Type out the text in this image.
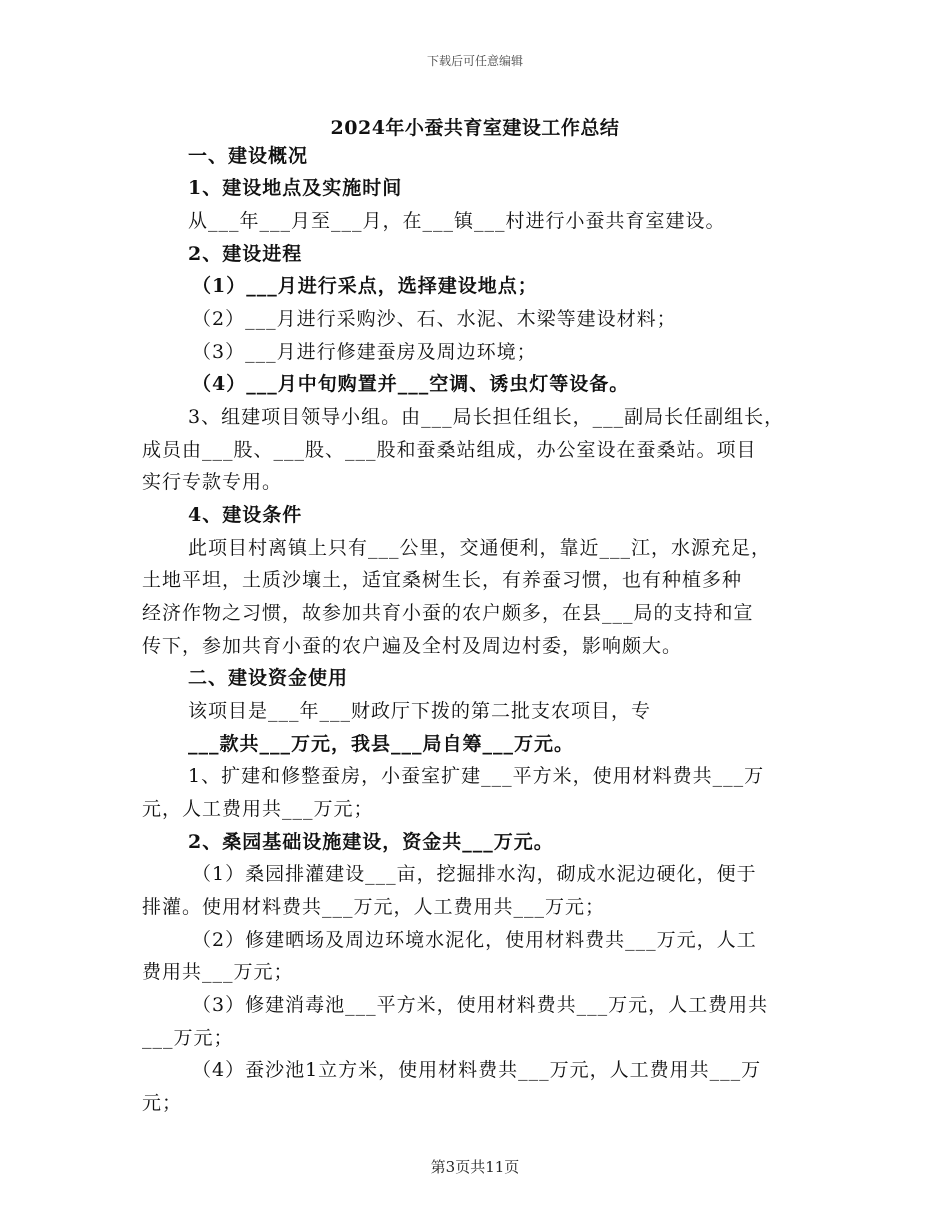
下载后可任意编辑
2024年小蚕共育室建设工作总结
一、建设概况
1、建设地点及实施时间
从___年___月至___月，在___镇___村进行小蚕共育室建设。
2、建设进程
（1）___月进行采点，选择建设地点；
（2）___月进行采购沙、石、水泥、木梁等建设材料；
（3）___月进行修建蚕房及周边环境；
（4）___月中旬购置并___空调、诱虫灯等设备。
3、组建项目领导小组。由___局长担任组长，___副局长任副组长，
成员由___股、___股、___股和蚕桑站组成，办公室设在蚕桑站。项目
实行专款专用。
4、建设条件
此项目村离镇上只有___公里，交通便利，靠近___江，水源充足，
土地平坦，土质沙壤土，适宜桑树生长，有养蚕习惯，也有种植多种
经济作物之习惯，故参加共育小蚕的农户颇多，在县___局的支持和宣
传下，参加共育小蚕的农户遍及全村及周边村委，影响颇大。
二、建设资金使用
该项目是___年___财政厅下拨的第二批支农项目，专
___款共___万元，我县___局自筹___万元。
1、扩建和修整蚕房，小蚕室扩建___平方米，使用材料费共___万
元，人工费用共___万元；
2、桑园基础设施建设，资金共___万元。
（1）桑园排灌建设___亩，挖掘排水沟，砌成水泥边硬化，便于
排灌。使用材料费共___万元，人工费用共___万元；
（2）修建晒场及周边环境水泥化，使用材料费共___万元，人工
费用共___万元；
（3）修建消毒池___平方米，使用材料费共___万元，人工费用共
___万元；
（4）蚕沙池1立方米，使用材料费共___万元，人工费用共___万
元；
第3页共11页
